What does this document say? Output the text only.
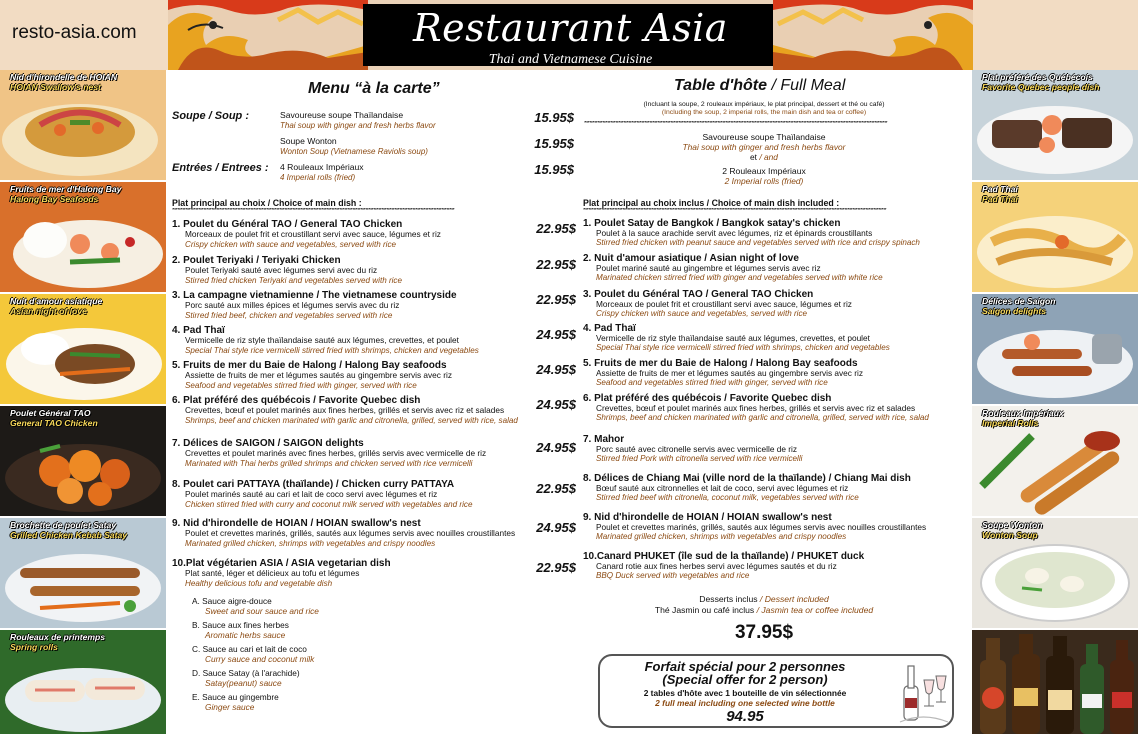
resto-asia.com	Restaurant Asia
Thai and Vietnamese Cuisine
Nid d'hirondelle de HOIAN
HOIAN Swallow's nest
Fruits de mer d'Halong Bay
Halong Bay Seafoods
Nuit d'amour asiatique
Asian night of love
Poulet Général TAO
General TAO Chicken
Brochette de poulet Satay
Grilled Chicken Kebab Satay
Rouleaux de printemps
Spring rolls
Plat préféré des Québécois
Favorite Quebec people dish
Pad Thai
Pad Thai
Délices de Saigon
Saigon delights
Rouleaux Impériaux
Imperial Rolls
Soupe Wonton
Wonton Soup
Menu “à la carte”
Soupe / Soup :	Savoureuse soupe Thaïlandaise
Thai soup with ginger and fresh herbs flavor
15.95$
Soupe Wonton
Wonton Soup (Vietnamese Raviolis soup)
15.95$
Entrées / Entrees : 4 Rouleaux Impériaux
4 Imperial rolls (fried)
15.95$
Plat principal au choix / Choice of main dish :
************************************************************************************************************
1. Poulet du Général TAO / General TAO Chicken
Morceaux de poulet frit et croustillant servi avec sauce, légumes et riz
Crispy chicken with sauce and vegetables, served with rice
22.95$
2. Poulet Teriyaki / Teriyaki Chicken
Poulet Teriyaki sauté avec légumes servi avec du riz
Stirred fried chicken Teriyaki and vegetables served with rice
22.95$
3. La campagne vietnamienne / The vietnamese countryside
Porc sauté aux milles épices et légumes servis avec du riz
Stirred fried beef, chicken and vegetables served with rice
22.95$
4. Pad Thaï
Vermicelle de riz style thaïlandaise sauté aux légumes, crevettes, et poulet
Special Thai style rice vermicelli stirred fried with shrimps, chicken and vegetables
24.95$
5. Fruits de mer du Baie de Halong / Halong Bay seafoods
Assiette de fruits de mer et légumes sautés au gingembre servis avec riz
Seafood and vegetables stirred fried with ginger, served with rice
24.95$
6. Plat préféré des québécois / Favorite Quebec dish
Crevettes, bœuf et poulet marinés aux fines herbes, grillés et servis avec riz et salades
Shrimps, beef and chicken marinated with garlic and citronella, grilled, served with rice, salad
24.95$
7. Délices de SAIGON / SAIGON delights
Crevettes et poulet marinés avec fines herbes, grillés servis avec vermicelle de riz
Marinated with Thai herbs grilled shrimps and chicken served with rice vermicelli
24.95$
8. Poulet cari PATTAYA (thaïlande) / Chicken curry PATTAYA
Poulet marinés sauté au cari et lait de coco servi avec légumes et riz
Chicken stirred fried with curry and coconut milk served with vegetables and rice
22.95$
9. Nid d'hirondelle de HOIAN / HOIAN swallow's nest
Poulet et crevettes marinés, grillés, sautés aux légumes servis avec nouilles croustillantes
Marinated grilled chicken, shrimps with vegetables and crispy noodles
24.95$
10.Plat végétarien ASIA / ASIA vegetarian dish
Plat santé, léger et délicieux au tofu et légumes
Healthy delicious tofu and vegetable dish
22.95$
A. Sauce aigre-douce
Sweet and sour sauce and rice
B. Sauce aux fines herbes
Aromatic herbs sauce
C. Sauce au cari et lait de coco
Curry sauce and coconut milk
D. Sauce Satay (à l'arachide)
Satay(peanut) sauce
E. Sauce au gingembre
Ginger sauce
Table d'hôte / Full Meal
(Incluant la soupe, 2 rouleaux impériaux, le plat principal, dessert et thé ou café)
(Including the soup, 2 imperial rolls, the main dish and tea or coffee)
********************************************************************************************************************
Savoureuse soupe Thaïlandaise
Thai soup with ginger and fresh herbs flavor
et / and
2 Rouleaux Impériaux
2 Imperial rolls (fried)
Plat principal au choix inclus / Choice of main dish included :
********************************************************************************************************************
1. Poulet Satay de Bangkok / Bangkok satay's chicken
Poulet à la sauce arachide servit avec légumes, riz et épinards croustillants
Stirred fried chicken with peanut sauce and vegetables served with rice and crispy spinach
2. Nuit d'amour asiatique / Asian night of love
Poulet mariné sauté au gingembre et légumes servis avec riz
Marinated chicken stirred fried with ginger and vegetables served with white rice
3. Poulet du Général TAO / General TAO Chicken
Morceaux de poulet frit et croustillant servi avec sauce, légumes et riz
Crispy chicken with sauce and vegetables, served with rice
4. Pad Thaï
Vermicelle de riz style thaïlandaise sauté aux légumes, crevettes, et poulet
Special Thai style rice vermicelli stirred fried with shrimps, chicken and vegetables
5. Fruits de mer du Baie de Halong / Halong Bay seafoods
Assiette de fruits de mer et légumes sautés au gingembre servis avec riz
Seafood and vegetables stirred fried with ginger, served with rice
6. Plat préféré des québécois / Favorite Quebec dish
Crevettes, bœuf et poulet marinés aux fines herbes, grillés et servis avec riz et salades
Shrimps, beef and chicken marinated with garlic and citronella, grilled, served with rice, salad
7. Mahor
Porc sauté avec citronelle servis avec vermicelle de riz
Stirred fried Pork with citronella served with rice vermicelli
8. Délices de Chiang Mai (ville nord de la thaïlande) / Chiang Mai dish
Bœuf sauté aux citronnelles et lait de coco, servi avec légumes et riz
Stirred fried beef with citronella, coconut milk, vegetables served with rice
9. Nid d'hirondelle de HOIAN / HOIAN swallow's nest
Poulet et crevettes marinés, grillés, sautés aux légumes servis avec nouilles croustillantes
Marinated grilled chicken, shrimps with vegetables and crispy noodles
10.Canard PHUKET (île sud de la thaïlande) / PHUKET duck
Canard rotie aux fines herbes servi avec légumes sautés et du riz
BBQ Duck served with vegetables and rice
Desserts inclus / Dessert included
Thé Jasmin ou café inclus / Jasmin tea or coffee included
37.95$
Forfait spécial pour 2 personnes
(Special offer for 2 person)
2 tables d'hôte avec 1 bouteille de vin sélectionnée
2 full meal including one selected wine bottle
94.95
